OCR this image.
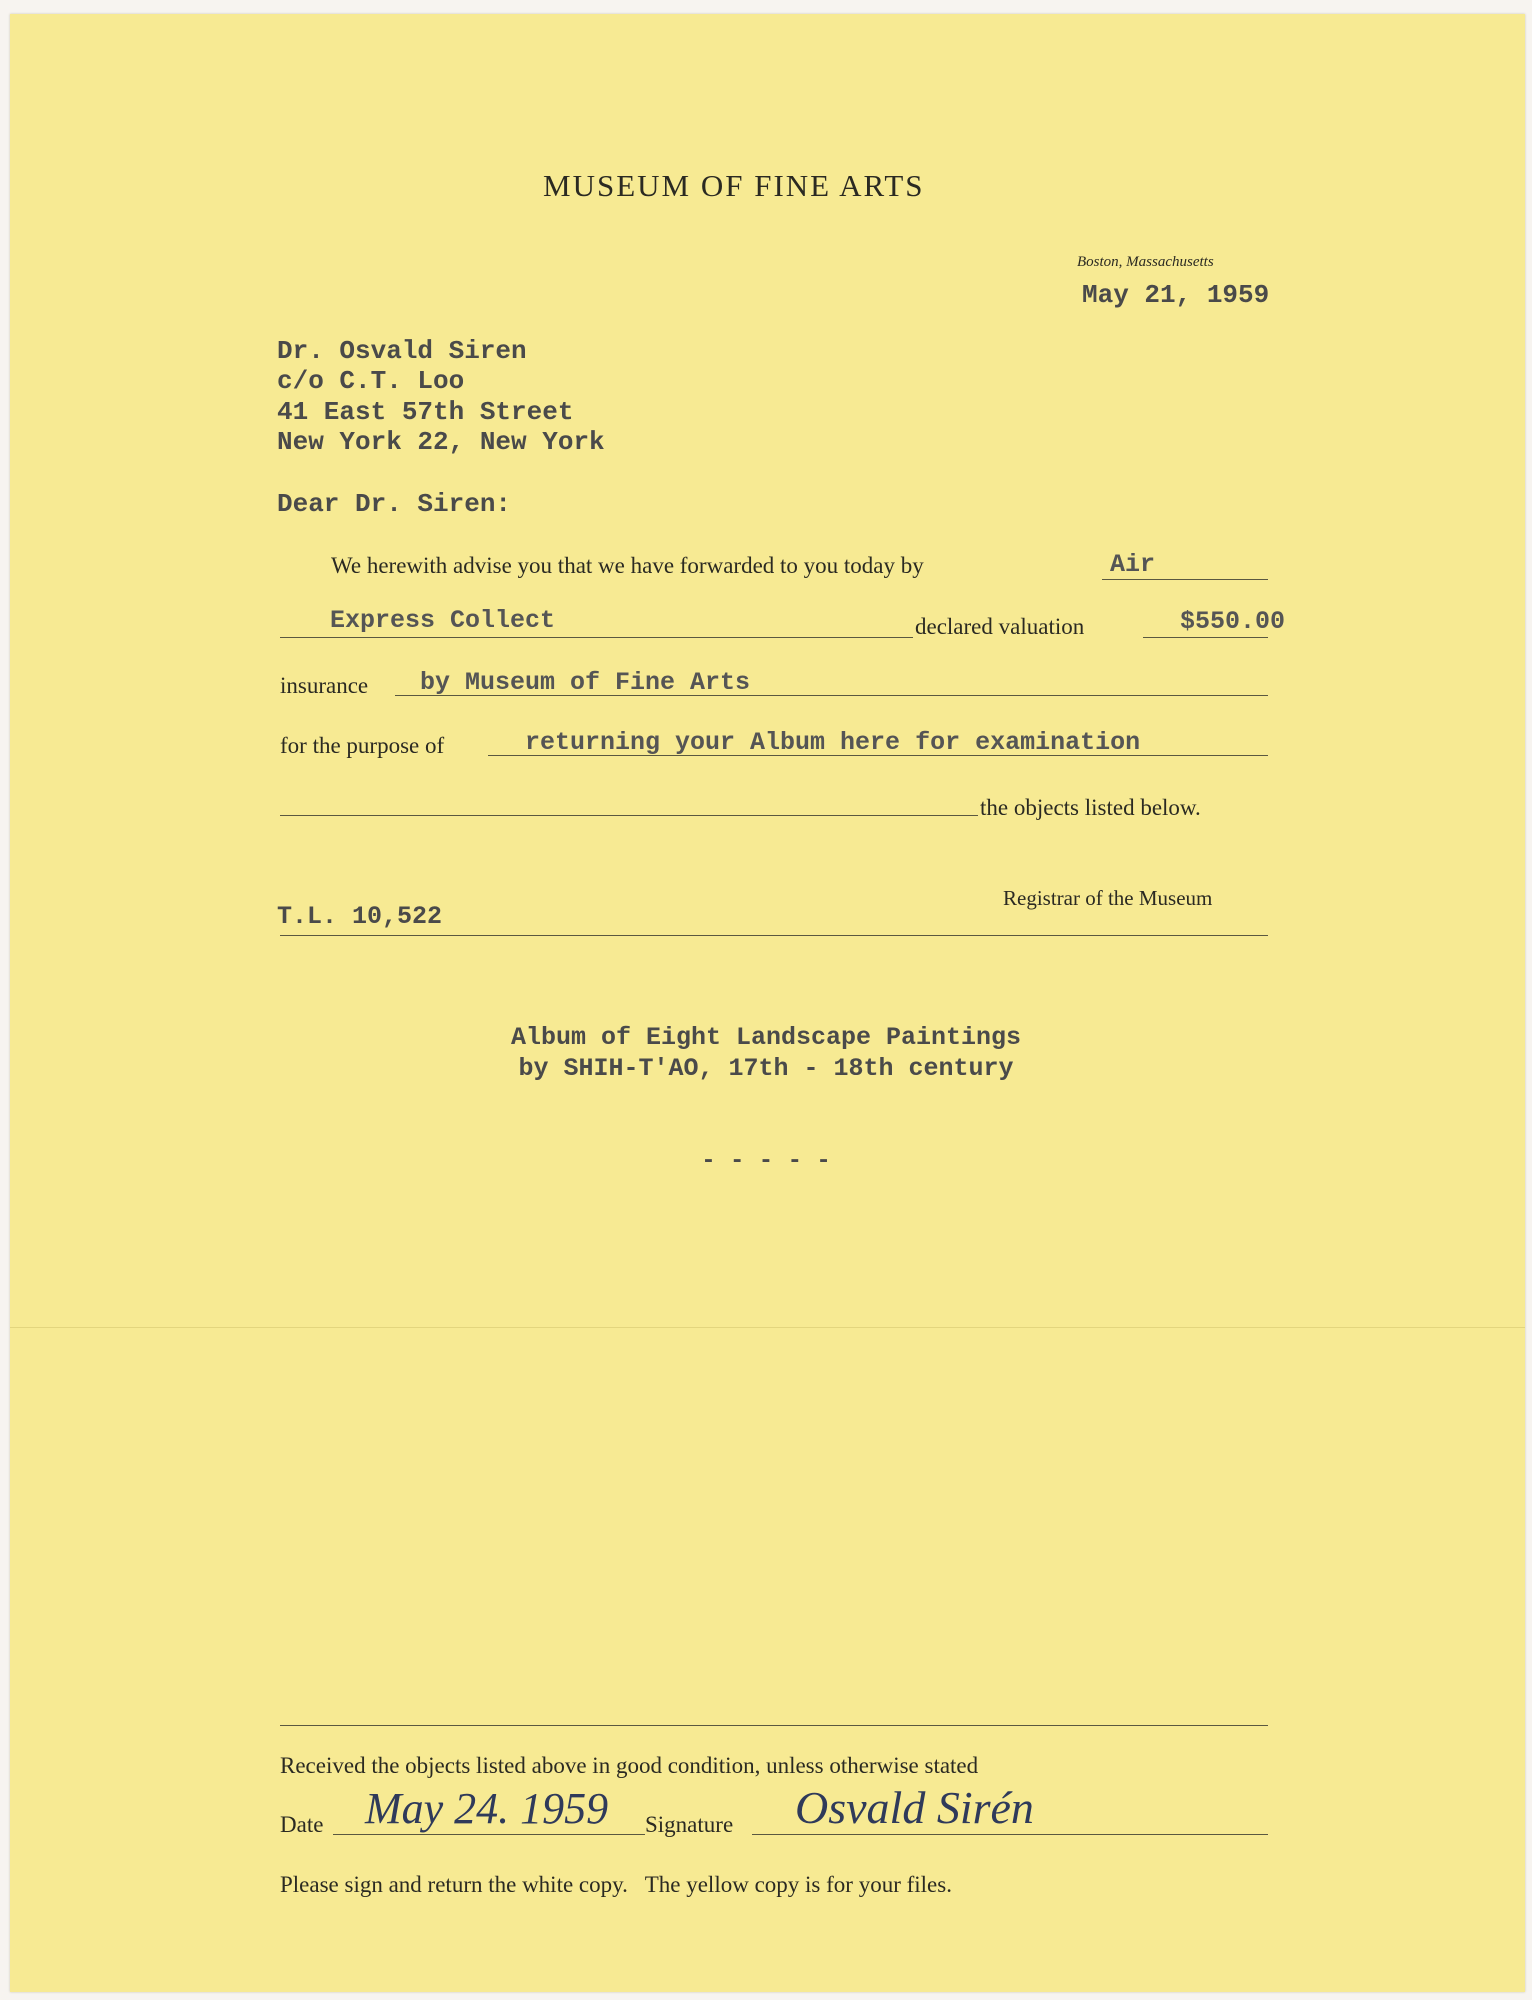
MUSEUM OF FINE ARTS
Boston, Massachusetts
May 21, 1959
Dr. Osvald Siren
c/o C.T. Loo
41 East 57th Street
New York 22, New York
Dear Dr. Siren:
We herewith advise you that we have forwarded to you today by	Air
Express Collect	declared valuation	$550.00
insurance by Museum of Fine Arts
for the purpose of	returning your Album here for examination
the objects listed below.
Registrar of the Museum
T.L. 10,522
Album of Eight Landscape Paintings
by SHIH-T'AO, 17th - 18th century
- - - - -
Received the objects listed above in good condition, unless otherwise stated
Date May 24. 1959 Signature Osvald Sirén
Please sign and return the white copy.   The yellow copy is for your files.
